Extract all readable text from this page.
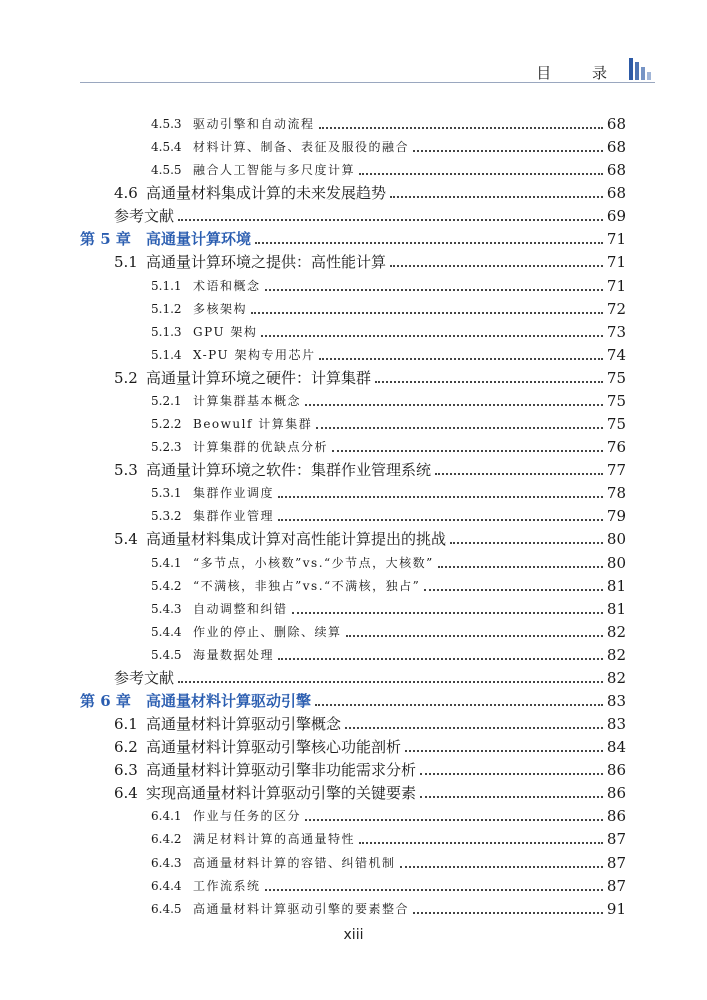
目 录
4.5.3 驱动引擎和自动流程	68
4.5.4 材料计算、制备、表征及服役的融合	68
4.5.5 融合人工智能与多尺度计算	68
4.6 高通量材料集成计算的未来发展趋势	68
参考文献	69
第 5 章	高通量计算环境	71
5.1 高通量计算环境之提供：高性能计算	71
5.1.1 术语和概念	71
5.1.2 多核架构	72
5.1.3 GPU 架构	73
5.1.4 X-PU 架构专用芯片	74
5.2 高通量计算环境之硬件：计算集群	75
5.2.1 计算集群基本概念	75
5.2.2 Beowulf 计算集群	75
5.2.3 计算集群的优缺点分析	76
5.3 高通量计算环境之软件：集群作业管理系统	77
5.3.1 集群作业调度	78
5.3.2 集群作业管理	79
5.4 高通量材料集成计算对高性能计算提出的挑战	80
5.4.1 “多节点，小核数”vs.“少节点，大核数”	80
5.4.2 “不满核，非独占”vs.“不满核，独占”	81
5.4.3 自动调整和纠错	81
5.4.4 作业的停止、删除、续算	82
5.4.5 海量数据处理	82
参考文献	82
第 6 章	高通量材料计算驱动引擎	83
6.1 高通量材料计算驱动引擎概念	83
6.2 高通量材料计算驱动引擎核心功能剖析	84
6.3 高通量材料计算驱动引擎非功能需求分析	86
6.4 实现高通量材料计算驱动引擎的关键要素	86
6.4.1 作业与任务的区分	86
6.4.2 满足材料计算的高通量特性	87
6.4.3 高通量材料计算的容错、纠错机制	87
6.4.4 工作流系统	87
6.4.5 高通量材料计算驱动引擎的要素整合	91
xiii
